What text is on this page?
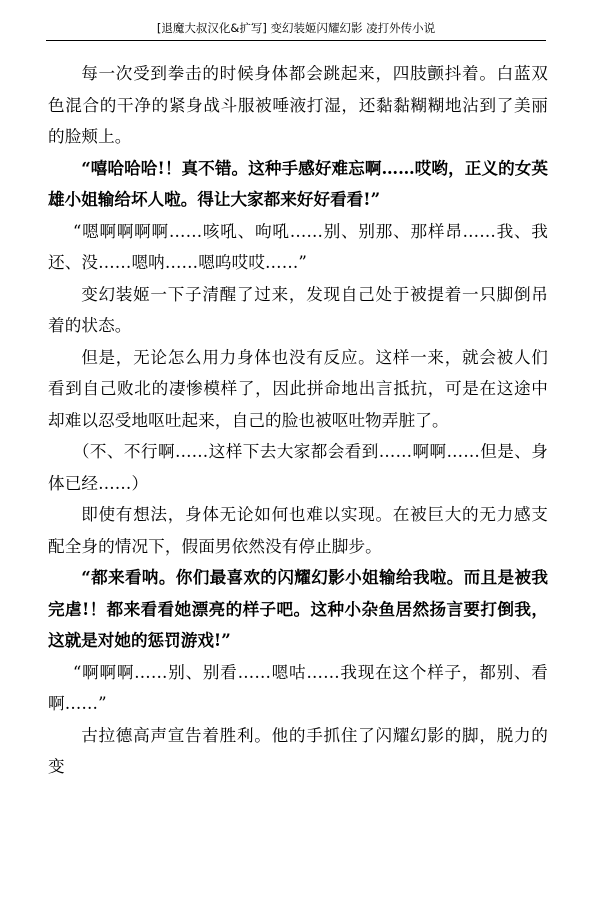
[退魔大叔汉化&扩写] 变幻装姬闪耀幻影 凌打外传小说

每一次受到拳击的时候身体都会跳起来，四肢颤抖着。白蓝双色混合的干净的紧身战斗服被唾液打湿，还黏黏糊糊地沾到了美丽的脸颊上。

“嘻哈哈哈!！真不错。这种手感好难忘啊……哎哟，正义的女英雄小姐输给坏人啦。得让大家都来好好看看!”

“嗯啊啊啊啊……咳吼、呴吼……别、别那、那样昂……我、我还、没……嗯呐……嗯呜哎哎……”

变幻装姬一下子清醒了过来，发现自己处于被提着一只脚倒吊着的状态。

但是，无论怎么用力身体也没有反应。这样一来，就会被人们看到自己败北的凄惨模样了，因此拼命地出言抵抗，可是在这途中却难以忍受地呕吐起来，自己的脸也被呕吐物弄脏了。

（不、不行啊……这样下去大家都会看到……啊啊……但是、身体已经……）

即使有想法，身体无论如何也难以实现。在被巨大的无力感支配全身的情况下，假面男依然没有停止脚步。

“都来看呐。你们最喜欢的闪耀幻影小姐输给我啦。而且是被我完虐!！都来看看她漂亮的样子吧。这种小杂鱼居然扬言要打倒我，这就是对她的惩罚游戏!”

“啊啊啊……别、别看……嗯咕……我现在这个样子，都别、看啊……”

古拉德高声宣告着胜利。他的手抓住了闪耀幻影的脚，脱力的变
